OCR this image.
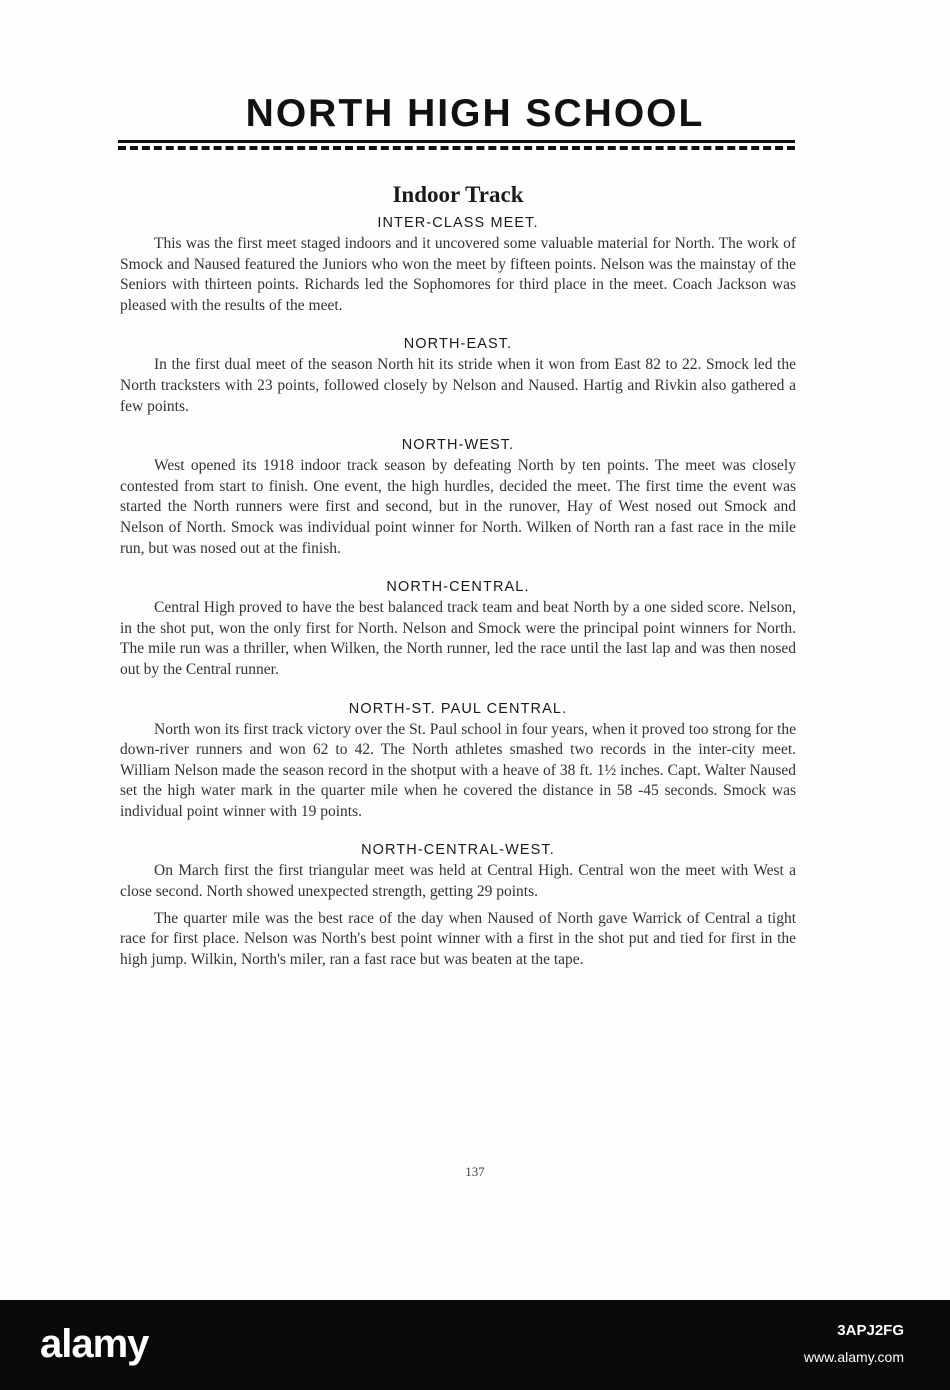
NORTH HIGH SCHOOL
Indoor Track
INTER-CLASS MEET.

This was the first meet staged indoors and it uncovered some valuable material for North. The work of Smock and Naused featured the Juniors who won the meet by fifteen points. Nelson was the mainstay of the Seniors with thirteen points. Richards led the Sophomores for third place in the meet. Coach Jackson was pleased with the results of the meet.

NORTH-EAST.

In the first dual meet of the season North hit its stride when it won from East 82 to 22. Smock led the North tracksters with 23 points, followed closely by Nelson and Naused. Hartig and Rivkin also gathered a few points.

NORTH-WEST.

West opened its 1918 indoor track season by defeating North by ten points. The meet was closely contested from start to finish. One event, the high hurdles, decided the meet. The first time the event was started the North runners were first and second, but in the runover, Hay of West nosed out Smock and Nelson of North. Smock was individual point winner for North. Wilken of North ran a fast race in the mile run, but was nosed out at the finish.

NORTH-CENTRAL.

Central High proved to have the best balanced track team and beat North by a one sided score. Nelson, in the shot put, won the only first for North. Nelson and Smock were the principal point winners for North. The mile run was a thriller, when Wilken, the North runner, led the race until the last lap and was then nosed out by the Central runner.

NORTH-ST. PAUL CENTRAL.

North won its first track victory over the St. Paul school in four years, when it proved too strong for the down-river runners and won 62 to 42. The North athletes smashed two records in the inter-city meet. William Nelson made the season record in the shotput with a heave of 38 ft. 1½ inches. Capt. Walter Naused set the high water mark in the quarter mile when he covered the distance in 58 -45 seconds. Smock was individual point winner with 19 points.

NORTH-CENTRAL-WEST.

On March first the first triangular meet was held at Central High. Central won the meet with West a close second. North showed unexpected strength, getting 29 points.

The quarter mile was the best race of the day when Naused of North gave Warrick of Central a tight race for first place. Nelson was North's best point winner with a first in the shot put and tied for first in the high jump. Wilkin, North's miler, ran a fast race but was beaten at the tape.

137
alamy	3APJ2FG
www.alamy.com
